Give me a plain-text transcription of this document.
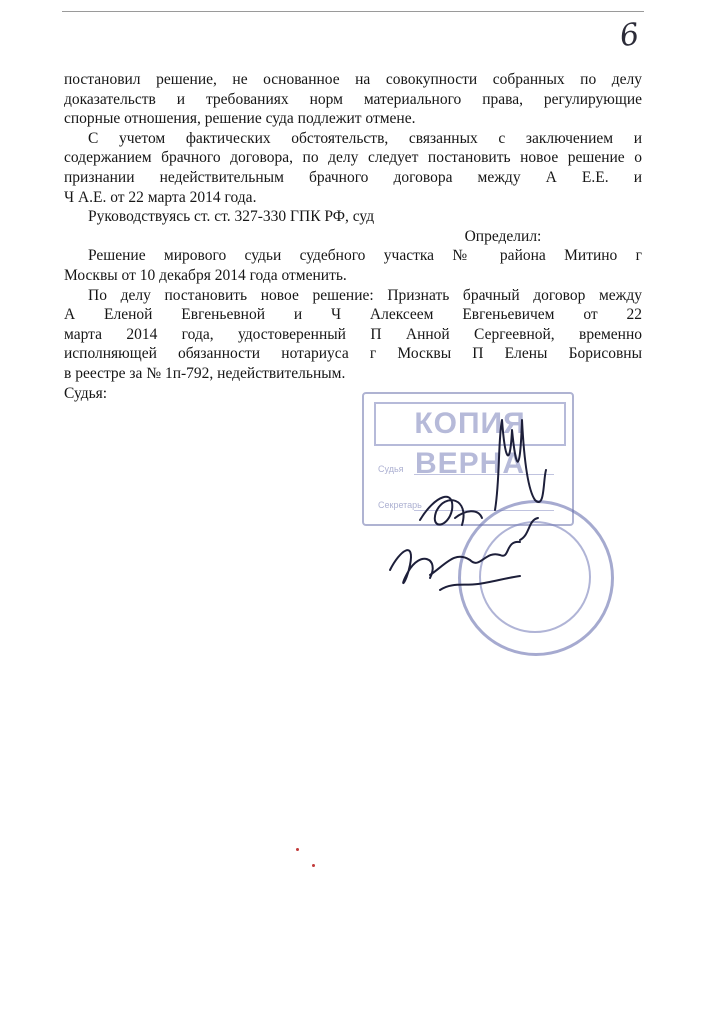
6
постановил решение, не основанное на совокупности собранных по делу
доказательств и требованиях норм материального права, регулирующие
спорные отношения, решение суда подлежит отмене.
С учетом фактических обстоятельств, связанных с заключением и
содержанием брачного договора, по делу следует постановить новое решение о
признании недействительным брачного договора между А Е.Е. и
Ч А.Е. от 22 марта 2014 года.
Руководствуясь ст. ст. 327-330 ГПК РФ, суд
Определил:
Решение мирового судьи судебного участка № района Митино г
Москвы от 10 декабря 2014 года отменить.
По делу постановить новое решение: Признать брачный договор между
А Еленой Евгеньевной и Ч Алексеем Евгеньевичем от 22
марта 2014 года, удостоверенный П Анной Сергеевной, временно
исполняющей обязанности нотариуса г Москвы П Елены Борисовны
в реестре за № 1п-792, недействительным.
Судья:
КОПИЯ ВЕРНА
Судья
Секретарь
